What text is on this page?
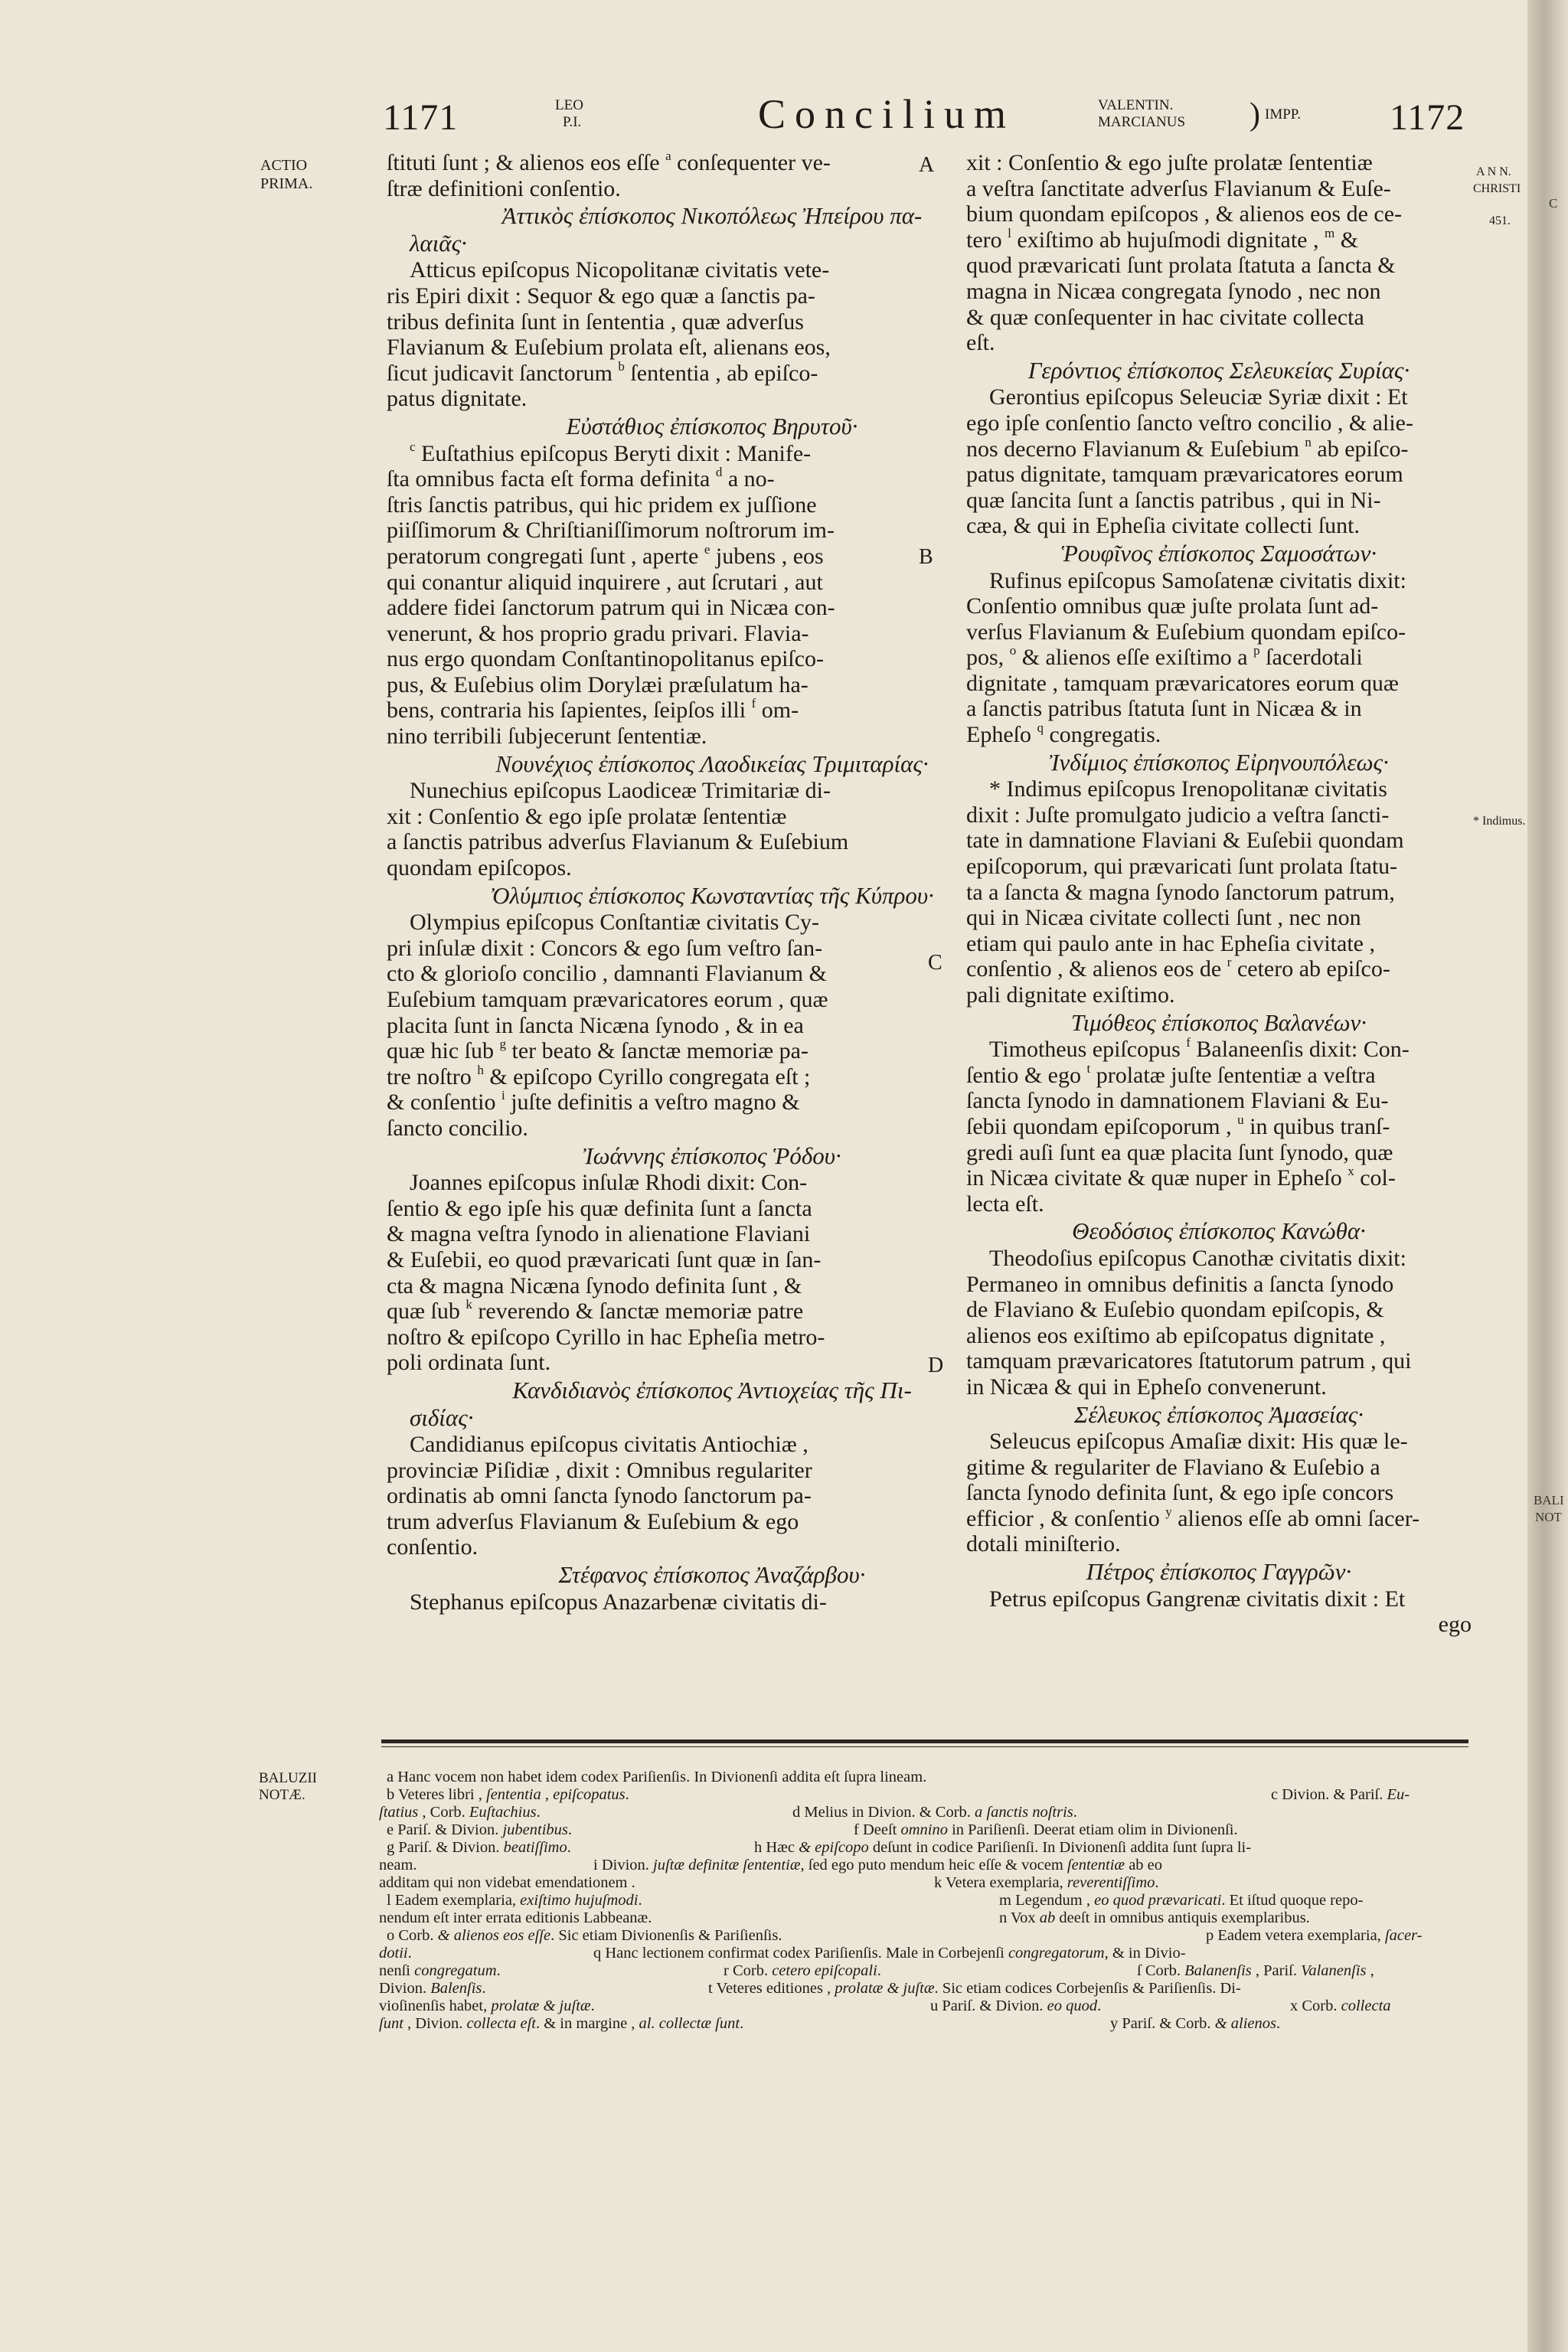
1171	LEO
P.I.	Concilium	VALENTIN.
MARCIANUS ) IMPP. 1172
ACTIO
PRIMA.
A N N.
CHRISTI
451.
* Indimus.
BALUZII
NOTÆ.
A
B
C
D

ſtituti ſunt ; & alienos eos eſſe $^a$ conſequenter ve-

ſtræ definitioni conſentio.

Ἀττικὸς ἐπίσκοπος Νικοπόλεως Ἠπείρου πα-

λαιᾶς·

Atticus epiſcopus Nicopolitanæ civitatis vete-

ris Epiri dixit : Sequor & ego quæ a ſanctis pa-

tribus definita ſunt in ſententia , quæ adverſus

Flavianum & Euſebium prolata eſt, alienans eos,

ſicut judicavit ſanctorum $^b$ ſententia , ab epiſco-

patus dignitate.

Εὐστάθιος ἐπίσκοπος Βηρυτοῦ·

$^c$ Euſtathius epiſcopus Beryti dixit : Manife-

ſta omnibus facta eſt forma definita $^d$ a no-

ſtris ſanctis patribus, qui hic pridem ex juſſione

piiſſimorum & Chriſtianiſſimorum noſtrorum im-

peratorum congregati ſunt , aperte $^e$ jubens , eos

qui conantur aliquid inquirere , aut ſcrutari , aut

addere fidei ſanctorum patrum qui in Nicæa con-

venerunt, & hos proprio gradu privari. Flavia-

nus ergo quondam Conſtantinopolitanus epiſco-

pus, & Euſebius olim Dorylæi præſulatum ha-

bens, contraria his ſapientes, ſeipſos illi $^f$ om-

nino terribili ſubjecerunt ſententiæ.

Νουνέχιος ἐπίσκοπος Λαοδικείας Τριμιταρίας·

Nunechius epiſcopus Laodiceæ Trimitariæ di-

xit : Conſentio & ego ipſe prolatæ ſententiæ

a ſanctis patribus adverſus Flavianum & Euſebium

quondam epiſcopos.

Ὀλύμπιος ἐπίσκοπος Κωνσταντίας τῆς Κύπρου·

Olympius epiſcopus Conſtantiæ civitatis Cy-

pri inſulæ dixit : Concors & ego ſum veſtro ſan-

cto & glorioſo concilio , damnanti Flavianum &

Euſebium tamquam prævaricatores eorum , quæ

placita ſunt in ſancta Nicæna ſynodo , & in ea

quæ hic ſub $^g$ ter beato & ſanctæ memoriæ pa-

tre noſtro $^h$ & epiſcopo Cyrillo congregata eſt ;

& conſentio $^i$ juſte definitis a veſtro magno &

ſancto concilio.

Ἰωάννης ἐπίσκοπος Ῥόδου·

Joannes epiſcopus inſulæ Rhodi dixit: Con-

ſentio & ego ipſe his quæ definita ſunt a ſancta

& magna veſtra ſynodo in alienatione Flaviani

& Euſebii, eo quod prævaricati ſunt quæ in ſan-

cta & magna Nicæna ſynodo definita ſunt , &

quæ ſub $^k$ reverendo & ſanctæ memoriæ patre

noſtro & epiſcopo Cyrillo in hac Epheſia metro-

poli ordinata ſunt.

Κανδιδιανὸς ἐπίσκοπος Ἀντιοχείας τῆς Πι-

σιδίας·

Candidianus epiſcopus civitatis Antiochiæ ,

provinciæ Piſidiæ , dixit : Omnibus regulariter

ordinatis ab omni ſancta ſynodo ſanctorum pa-

trum adverſus Flavianum & Euſebium & ego

conſentio.

Στέφανος ἐπίσκοπος Ἀναζάρβου·

Stephanus epiſcopus Anazarbenæ civitatis di-

xit : Conſentio & ego juſte prolatæ ſententiæ

a veſtra ſanctitate adverſus Flavianum & Euſe-

bium quondam epiſcopos , & alienos eos de ce-

tero $^l$ exiſtimo ab hujuſmodi dignitate , $^m$ &

quod prævaricati ſunt prolata ſtatuta a ſancta &

magna in Nicæa congregata ſynodo , nec non

& quæ conſequenter in hac civitate collecta

eſt.

Γερόντιος ἐπίσκοπος Σελευκείας Συρίας·

Gerontius epiſcopus Seleuciæ Syriæ dixit : Et

ego ipſe conſentio ſancto veſtro concilio , & alie-

nos decerno Flavianum & Euſebium $^n$ ab epiſco-

patus dignitate, tamquam prævaricatores eorum

quæ ſancita ſunt a ſanctis patribus , qui in Ni-

cæa, & qui in Epheſia civitate collecti ſunt.

Ῥουφῖνος ἐπίσκοπος Σαμοσάτων·

Rufinus epiſcopus Samoſatenæ civitatis dixit:

Conſentio omnibus quæ juſte prolata ſunt ad-

verſus Flavianum & Euſebium quondam epiſco-

pos, $^o$ & alienos eſſe exiſtimo a $^p$ ſacerdotali

dignitate , tamquam prævaricatores eorum quæ

a ſanctis patribus ſtatuta ſunt in Nicæa & in

Epheſo $^q$ congregatis.

Ἰνδίμιος ἐπίσκοπος Εἰρηνουπόλεως·

* Indimus epiſcopus Irenopolitanæ civitatis

dixit : Juſte promulgato judicio a veſtra ſancti-

tate in damnatione Flaviani & Euſebii quondam

epiſcoporum, qui prævaricati ſunt prolata ſtatu-

ta a ſancta & magna ſynodo ſanctorum patrum,

qui in Nicæa civitate collecti ſunt , nec non

etiam qui paulo ante in hac Epheſia civitate ,

conſentio , & alienos eos de $^r$ cetero ab epiſco-

pali dignitate exiſtimo.

Τιμόθεος ἐπίσκοπος Βαλανέων·

Timotheus epiſcopus $^f$ Balaneenſis dixit: Con-

ſentio & ego $^t$ prolatæ juſte ſententiæ a veſtra

ſancta ſynodo in damnationem Flaviani & Eu-

ſebii quondam epiſcoporum , $^u$ in quibus tranſ-

gredi auſi ſunt ea quæ placita ſunt ſynodo, quæ

in Nicæa civitate & quæ nuper in Epheſo $^x$ col-

lecta eſt.

Θεοδόσιος ἐπίσκοπος Κανώθα·

Theodoſius epiſcopus Canothæ civitatis dixit:

Permaneo in omnibus definitis a ſancta ſynodo

de Flaviano & Euſebio quondam epiſcopis, &

alienos eos exiſtimo ab epiſcopatus dignitate ,

tamquam prævaricatores ſtatutorum patrum , qui

in Nicæa & qui in Epheſo convenerunt.

Σέλευκος ἐπίσκοπος Ἀμασείας·

Seleucus epiſcopus Amaſiæ dixit: His quæ le-

gitime & regulariter de Flaviano & Euſebio a

ſancta ſynodo definita ſunt, & ego ipſe concors

efficior , & conſentio $^y$ alienos eſſe ab omni ſacer-

dotali miniſterio.

Πέτρος ἐπίσκοπος Γαγγρῶν·

Petrus epiſcopus Gangrenæ civitatis dixit : Et

ego

a Hanc vocem non habet idem codex Pariſienſis. In Divionenſi addita eſt ſupra lineam.
b Veteres libri , ſententia , epiſcopatus.	c Divion. & Pariſ. Eu-
ſtatius , Corb. Euſtachius.	d Melius in Divion. & Corb. a ſanctis noſtris.
e Pariſ. & Divion. jubentibus.	f Deeſt omnino in Pariſienſi. Deerat etiam olim in Divionenſi.
g Pariſ. & Divion. beatiſſimo.	h Hæc & epiſcopo deſunt in codice Pariſienſi. In Divionenſi addita ſunt ſupra li-
neam.	i Divion. juſtæ definitæ ſententiæ, ſed ego puto mendum heic eſſe & vocem ſententiæ ab eo
additam qui non videbat emendationem .	k Vetera exemplaria, reverentiſſimo.
l Eadem exemplaria, exiſtimo hujuſmodi.	m Legendum , eo quod prævaricati. Et iſtud quoque repo-
nendum eſt inter errata editionis Labbeanæ.	n Vox ab deeſt in omnibus antiquis exemplaribus.
o Corb. & alienos eos eſſe. Sic etiam Divionenſis & Pariſienſis.	p Eadem vetera exemplaria, ſacer-
dotii.	q Hanc lectionem confirmat codex Pariſienſis. Male in Corbejenſi congregatorum, & in Divio-
nenſi congregatum.	r Corb. cetero epiſcopali.	ſ Corb. Balanenſis , Pariſ. Valanenſis ,
Divion. Balenſis.	t Veteres editiones , prolatæ & juſtæ. Sic etiam codices Corbejenſis & Pariſienſis. Di-
vioſinenſis habet, prolatæ & juſtæ.	u Pariſ. & Divion. eo quod.	x Corb. collecta
ſunt , Divion. collecta eſt. & in margine , al. collectæ ſunt.	y Pariſ. & Corb. & alienos.
C
BALI
NOT
